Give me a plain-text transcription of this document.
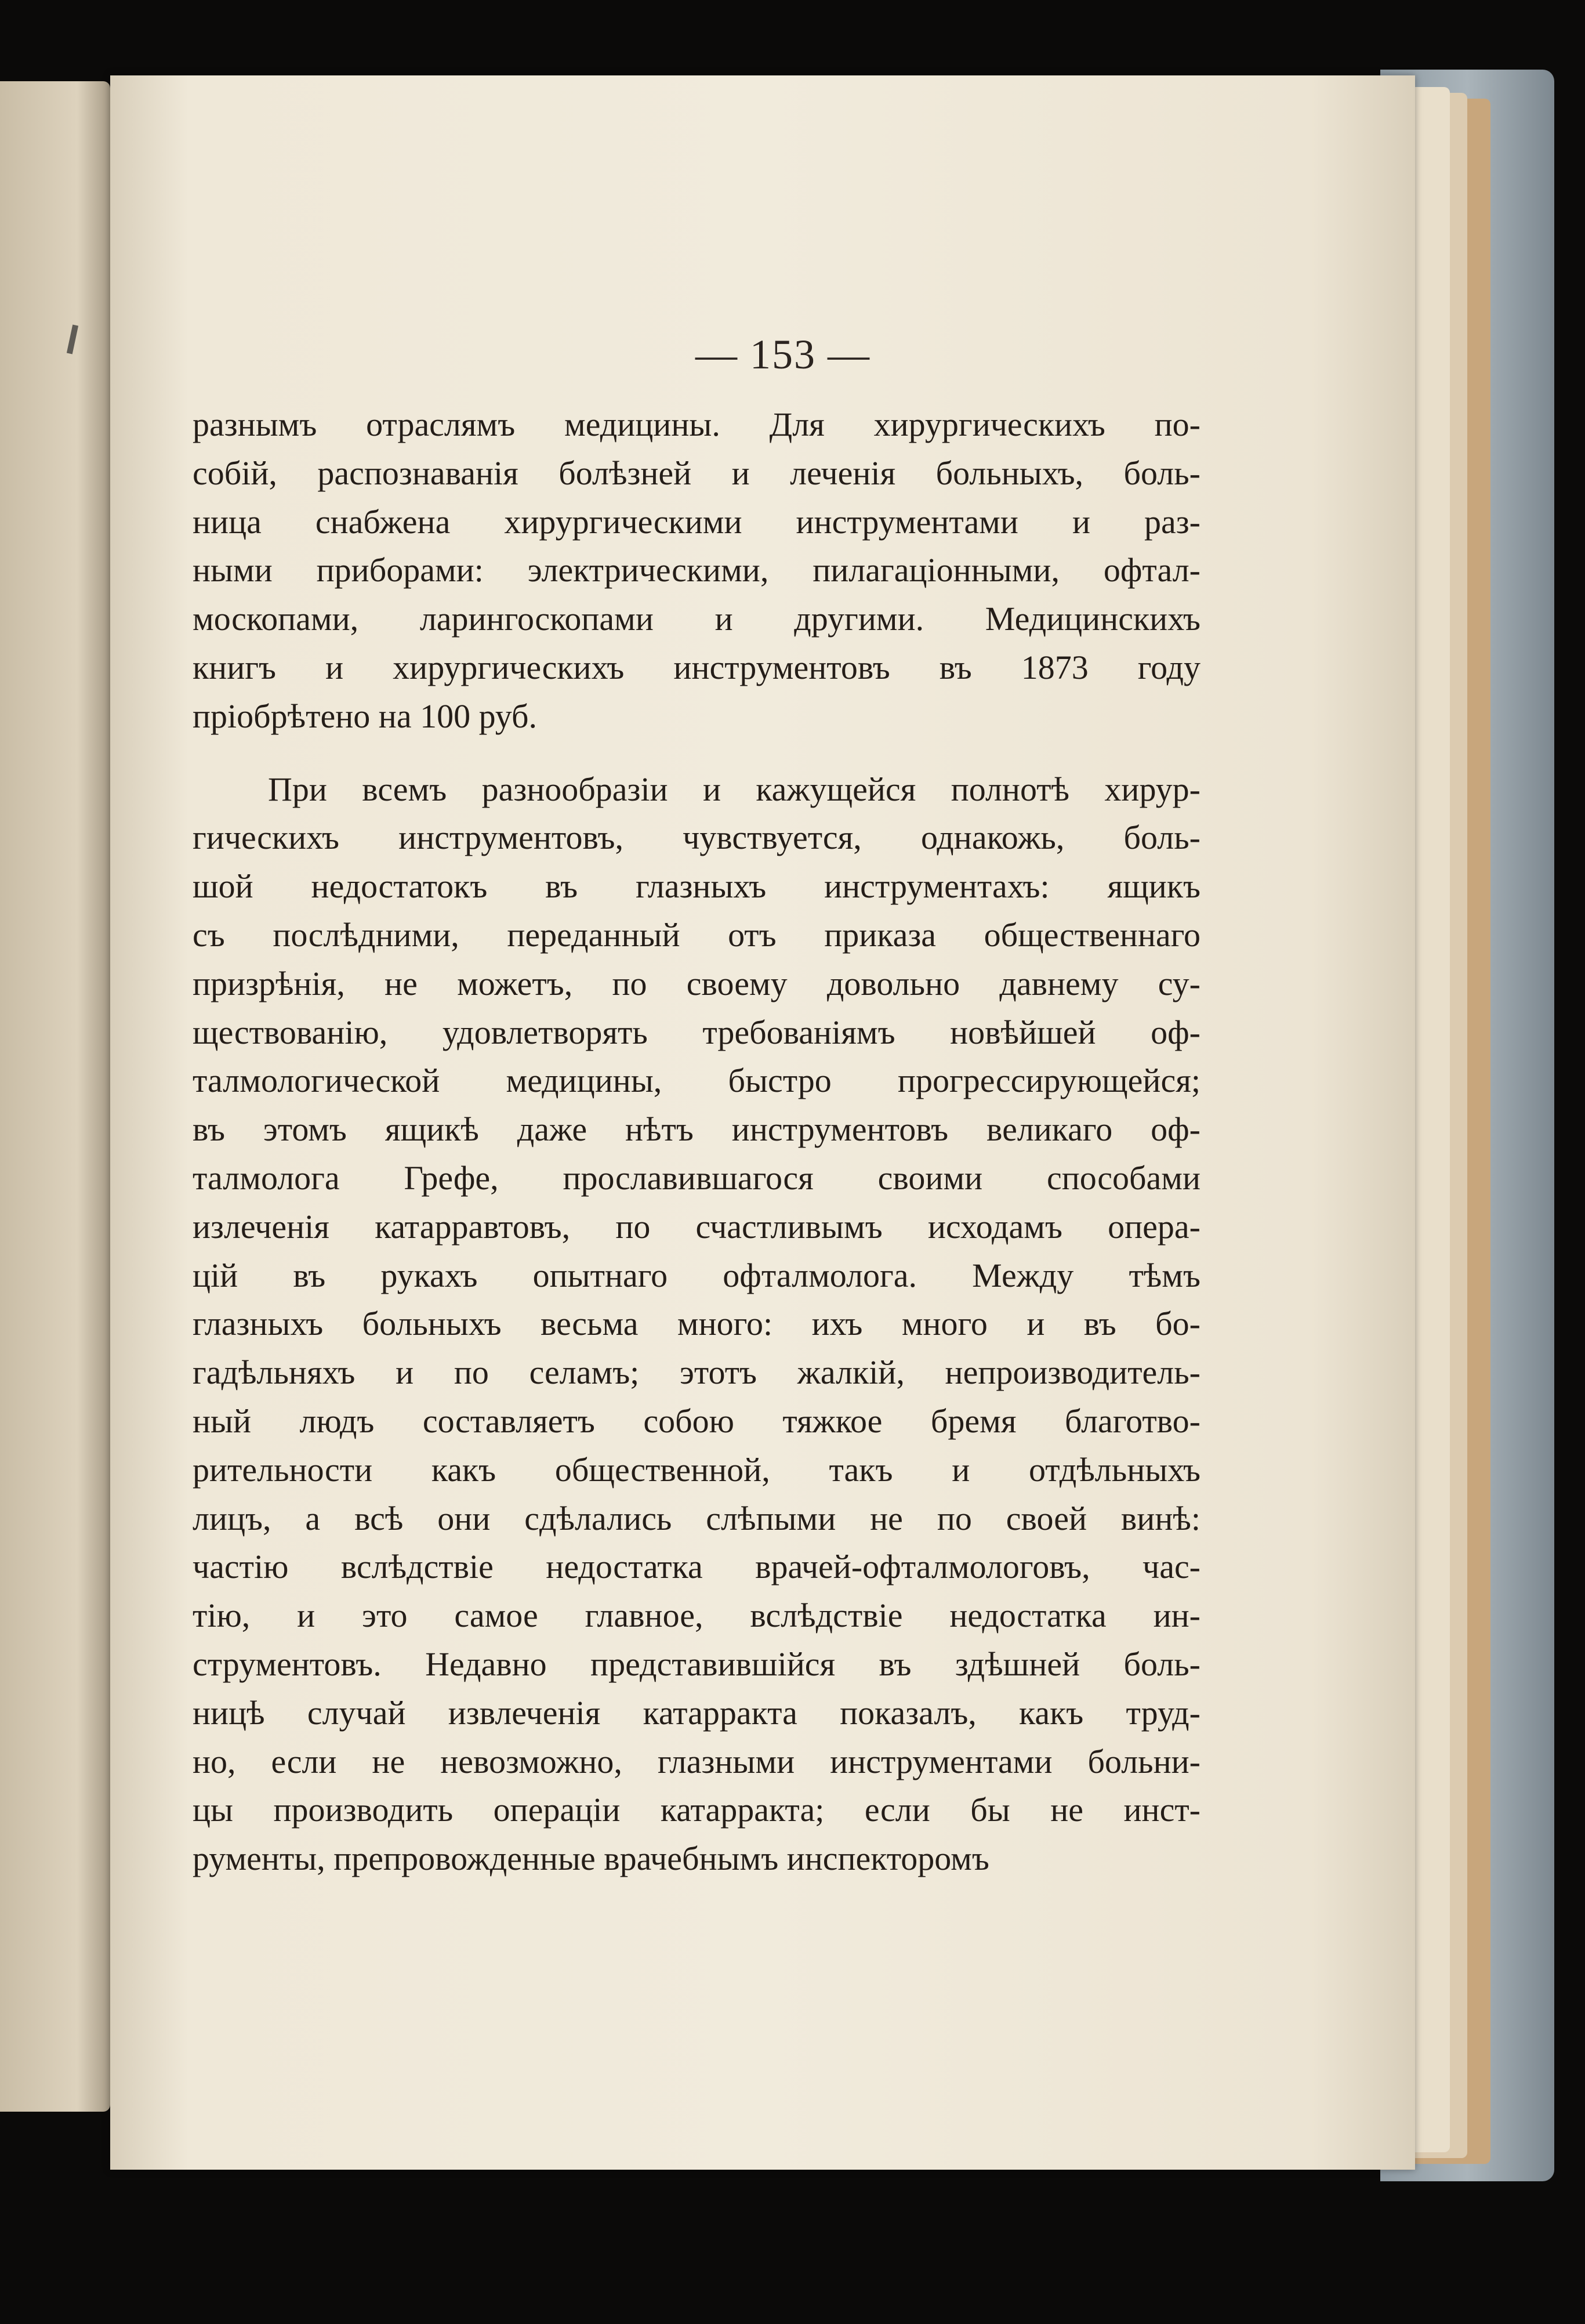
— 153 —
разнымъ отраслямъ медицины. Для хирургическихъ по-
собій, распознаванія болѣзней и леченія больныхъ, боль-
ница снабжена хирургическими инструментами и раз-
ными приборами: электрическими, пилагаціонными, офтал-
москопами, ларингоскопами и другими. Медицинскихъ
книгъ и хирургическихъ инструментовъ въ 1873 году
пріобрѣтено на 100 руб.
При всемъ разнообразіи и кажущейся полнотѣ хирур-
гическихъ инструментовъ, чувствуется, однакожь, боль-
шой недостатокъ въ глазныхъ инструментахъ: ящикъ
съ послѣдними, переданный отъ приказа общественнаго
призрѣнія, не можетъ, по своему довольно давнему су-
ществованію, удовлетворять требованіямъ новѣйшей оф-
талмологической медицины, быстро прогрессирующейся;
въ этомъ ящикѣ даже нѣтъ инструментовъ великаго оф-
талмолога Грефе, прославившагося своими способами
излеченія катарравтовъ, по счастливымъ исходамъ опера-
цій въ рукахъ опытнаго офталмолога. Между тѣмъ
глазныхъ больныхъ весьма много: ихъ много и въ бо-
гадѣльняхъ и по селамъ; этотъ жалкій, непроизводитель-
ный людъ составляетъ собою тяжкое бремя благотво-
рительности какъ общественной, такъ и отдѣльныхъ
лицъ, а всѣ они сдѣлались слѣпыми не по своей винѣ:
частію вслѣдствіе недостатка врачей-офталмологовъ, час-
тію, и это самое главное, вслѣдствіе недостатка ин-
струментовъ. Недавно представившійся въ здѣшней боль-
ницѣ случай извлеченія катарракта показалъ, какъ труд-
но, если не невозможно, глазными инструментами больни-
цы производить операціи катарракта; если бы не инст-
рументы, препровожденные врачебнымъ инспекторомъ
